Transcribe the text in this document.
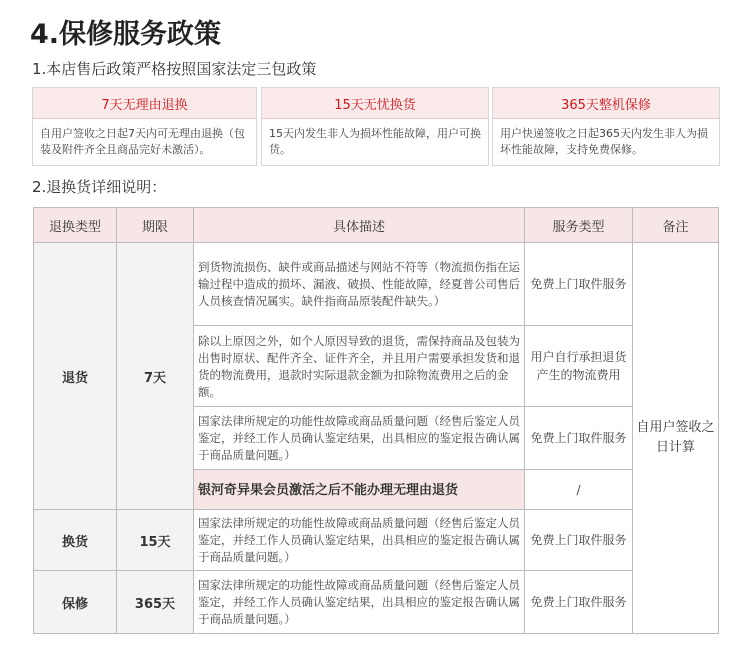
4.保修服务政策
1.本店售后政策严格按照国家法定三包政策
7天无理由退换
自用户签收之日起7天内可无理由退换（包装及附件齐全且商品完好未激活）。
15天无忧换货
15天内发生非人为损坏性能故障，用户可换货。
365天整机保修
用户快递签收之日起365天内发生非人为损坏性能故障，支持免费保修。
2.退换货详细说明：
退换类型	期限	具体描述	服务类型	备注
退货	7天	到货物流损伤、缺件或商品描述与网站不符等（物流损伤指在运输过程中造成的损坏、漏液、破损、性能故障，经夏普公司售后人员核查情况属实。缺件指商品原装配件缺失。）	免费上门取件服务	自用户签收之日计算
		除以上原因之外，如个人原因导致的退货，需保持商品及包装为出售时原状、配件齐全、证件齐全，并且用户需要承担发货和退货的物流费用，退款时实际退款金额为扣除物流费用之后的金额。	用户自行承担退货产生的物流费用	
		国家法律所规定的功能性故障或商品质量问题（经售后鉴定人员鉴定，并经工作人员确认鉴定结果，出具相应的鉴定报告确认属于商品质量问题。）	免费上门取件服务	
		银河奇异果会员激活之后不能办理无理由退货	/	
换货	15天	国家法律所规定的功能性故障或商品质量问题（经售后鉴定人员鉴定，并经工作人员确认鉴定结果，出具相应的鉴定报告确认属于商品质量问题。）	免费上门取件服务	
保修	365天	国家法律所规定的功能性故障或商品质量问题（经售后鉴定人员鉴定，并经工作人员确认鉴定结果，出具相应的鉴定报告确认属于商品质量问题。）	免费上门取件服务	
